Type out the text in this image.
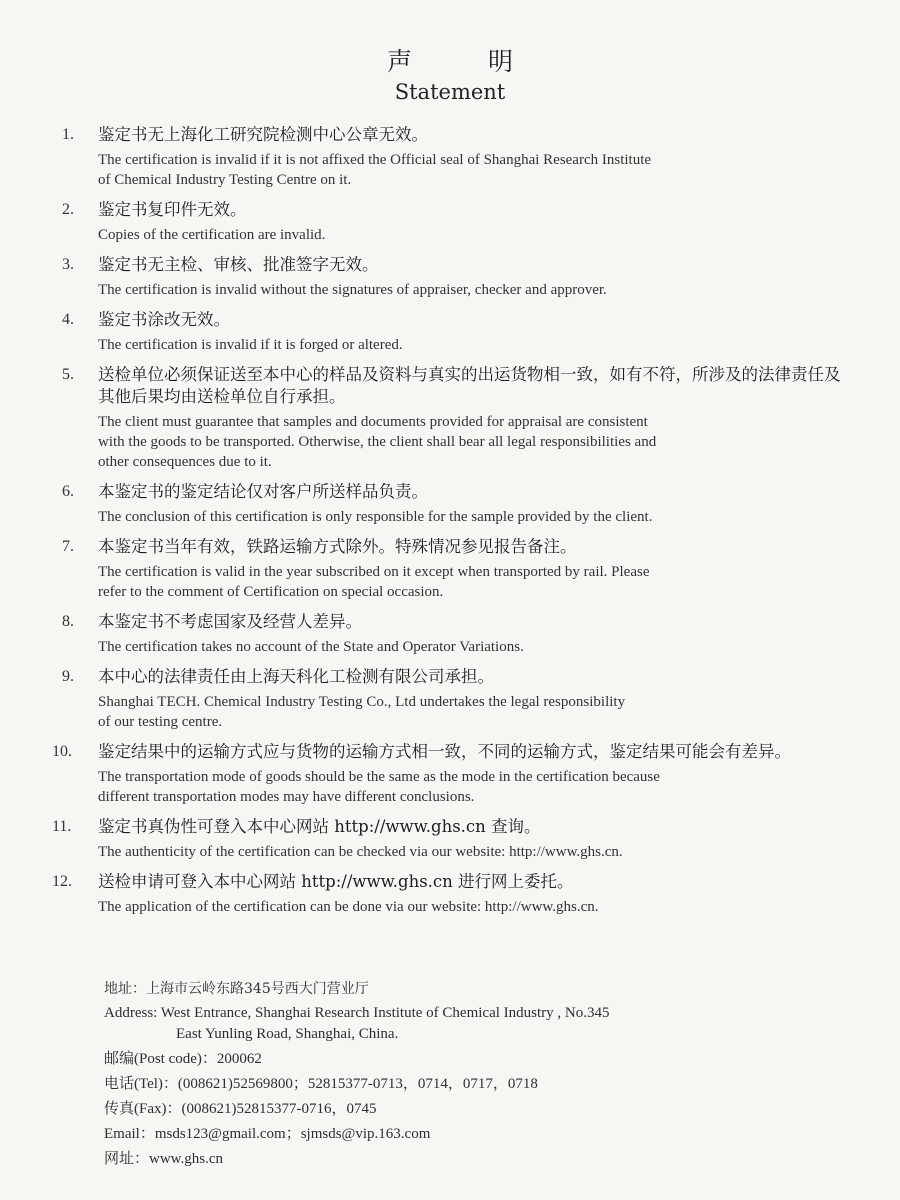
声 明
Statement
1. 鉴定书无上海化工研究院检测中心公章无效。
The certification is invalid if it is not affixed the Official seal of Shanghai Research Institute
of Chemical Industry Testing Centre on it.
2. 鉴定书复印件无效。
Copies of the certification are invalid.
3. 鉴定书无主检、审核、批准签字无效。
The certification is invalid without the signatures of appraiser, checker and approver.
4. 鉴定书涂改无效。
The certification is invalid if it is forged or altered.
5. 送检单位必须保证送至本中心的样品及资料与真实的出运货物相一致，如有不符，所涉及的法律责任及其他后果均由送检单位自行承担。
The client must guarantee that samples and documents provided for appraisal are consistent
with the goods to be transported. Otherwise, the client shall bear all legal responsibilities and
other consequences due to it.
6. 本鉴定书的鉴定结论仅对客户所送样品负责。
The conclusion of this certification is only responsible for the sample provided by the client.
7. 本鉴定书当年有效，铁路运输方式除外。特殊情况参见报告备注。
The certification is valid in the year subscribed on it except when transported by rail. Please
refer to the comment of Certification on special occasion.
8. 本鉴定书不考虑国家及经营人差异。
The certification takes no account of the State and Operator Variations.
9. 本中心的法律责任由上海天科化工检测有限公司承担。
Shanghai TECH. Chemical Industry Testing Co., Ltd undertakes the legal responsibility
of our testing centre.
10. 鉴定结果中的运输方式应与货物的运输方式相一致，不同的运输方式，鉴定结果可能会有差异。
The transportation mode of goods should be the same as the mode in the certification because
different transportation modes may have different conclusions.
11. 鉴定书真伪性可登入本中心网站 http://www.ghs.cn 查询。
The authenticity of the certification can be checked via our website: http://www.ghs.cn.
12. 送检申请可登入本中心网站 http://www.ghs.cn 进行网上委托。
The application of the certification can be done via our website: http://www.ghs.cn.
地址：上海市云岭东路345号西大门营业厅
Address: West Entrance, Shanghai Research Institute of Chemical Industry , No.345
East Yunling Road, Shanghai, China.
邮编(Post code)：200062
电话(Tel)：(008621)52569800；52815377-0713，0714，0717，0718
传真(Fax)：(008621)52815377-0716，0745
Email：msds123@gmail.com；sjmsds@vip.163.com
网址：www.ghs.cn
